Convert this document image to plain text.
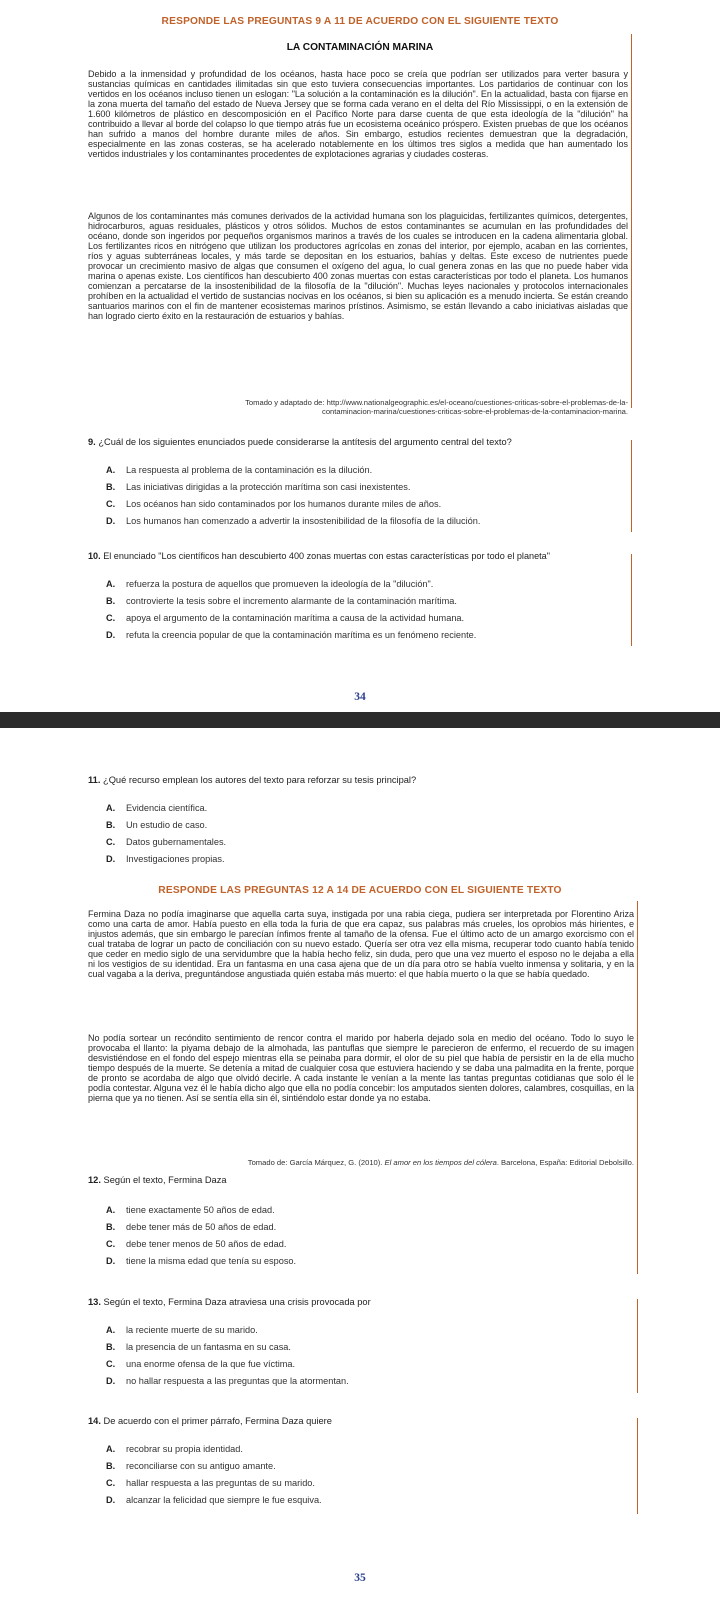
RESPONDE LAS PREGUNTAS 9 A 11 DE ACUERDO CON EL SIGUIENTE TEXTO
LA CONTAMINACIÓN MARINA
Debido a la inmensidad y profundidad de los océanos, hasta hace poco se creía que podrían ser utilizados para verter basura y sustancias químicas en cantidades ilimitadas sin que esto tuviera consecuencias importantes. Los partidarios de continuar con los vertidos en los océanos incluso tienen un eslogan: "La solución a la contaminación es la dilución". En la actualidad, basta con fijarse en la zona muerta del tamaño del estado de Nueva Jersey que se forma cada verano en el delta del Río Mississippi, o en la extensión de 1.600 kilómetros de plástico en descomposición en el Pacífico Norte para darse cuenta de que esta ideología de la "dilución" ha contribuido a llevar al borde del colapso lo que tiempo atrás fue un ecosistema oceánico próspero. Existen pruebas de que los océanos han sufrido a manos del hombre durante miles de años. Sin embargo, estudios recientes demuestran que la degradación, especialmente en las zonas costeras, se ha acelerado notablemente en los últimos tres siglos a medida que han aumentado los vertidos industriales y los contaminantes procedentes de explotaciones agrarias y ciudades costeras.
Algunos de los contaminantes más comunes derivados de la actividad humana son los plaguicidas, fertilizantes químicos, detergentes, hidrocarburos, aguas residuales, plásticos y otros sólidos. Muchos de estos contaminantes se acumulan en las profundidades del océano, donde son ingeridos por pequeños organismos marinos a través de los cuales se introducen en la cadena alimentaria global. Los fertilizantes ricos en nitrógeno que utilizan los productores agrícolas en zonas del interior, por ejemplo, acaban en las corrientes, ríos y aguas subterráneas locales, y más tarde se depositan en los estuarios, bahías y deltas. Este exceso de nutrientes puede provocar un crecimiento masivo de algas que consumen el oxígeno del agua, lo cual genera zonas en las que no puede haber vida marina o apenas existe. Los científicos han descubierto 400 zonas muertas con estas características por todo el planeta. Los humanos comienzan a percatarse de la insostenibilidad de la filosofía de la "dilución". Muchas leyes nacionales y protocolos internacionales prohíben en la actualidad el vertido de sustancias nocivas en los océanos, si bien su aplicación es a menudo incierta. Se están creando santuarios marinos con el fin de mantener ecosistemas marinos prístinos. Asimismo, se están llevando a cabo iniciativas aisladas que han logrado cierto éxito en la restauración de estuarios y bahías.
Tomado y adaptado de: http://www.nationalgeographic.es/el-oceano/cuestiones-criticas-sobre-el-problemas-de-la-
contaminacion-marina/cuestiones-criticas-sobre-el-problemas-de-la-contaminacion-marina.
9. ¿Cuál de los siguientes enunciados puede considerarse la antítesis del argumento central del texto?
A. La respuesta al problema de la contaminación es la dilución.
B. Las iniciativas dirigidas a la protección marítima son casi inexistentes.
C. Los océanos han sido contaminados por los humanos durante miles de años.
D. Los humanos han comenzado a advertir la insostenibilidad de la filosofía de la dilución.
10. El enunciado "Los científicos han descubierto 400 zonas muertas con estas características por todo el planeta"
A. refuerza la postura de aquellos que promueven la ideología de la "dilución".
B. controvierte la tesis sobre el incremento alarmante de la contaminación marítima.
C. apoya el argumento de la contaminación marítima a causa de la actividad humana.
D. refuta la creencia popular de que la contaminación marítima es un fenómeno reciente.
34
11. ¿Qué recurso emplean los autores del texto para reforzar su tesis principal?
A. Evidencia científica.
B. Un estudio de caso.
C. Datos gubernamentales.
D. Investigaciones propias.
RESPONDE LAS PREGUNTAS 12 A 14 DE ACUERDO CON EL SIGUIENTE TEXTO
Fermina Daza no podía imaginarse que aquella carta suya, instigada por una rabia ciega, pudiera ser interpretada por Florentino Ariza como una carta de amor. Había puesto en ella toda la furia de que era capaz, sus palabras más crueles, los oprobios más hirientes, e injustos además, que sin embargo le parecían ínfimos frente al tamaño de la ofensa. Fue el último acto de un amargo exorcismo con el cual trataba de lograr un pacto de conciliación con su nuevo estado. Quería ser otra vez ella misma, recuperar todo cuanto había tenido que ceder en medio siglo de una servidumbre que la había hecho feliz, sin duda, pero que una vez muerto el esposo no le dejaba a ella ni los vestigios de su identidad. Era un fantasma en una casa ajena que de un día para otro se había vuelto inmensa y solitaria, y en la cual vagaba a la deriva, preguntándose angustiada quién estaba más muerto: el que había muerto o la que se había quedado.
No podía sortear un recóndito sentimiento de rencor contra el marido por haberla dejado sola en medio del océano. Todo lo suyo le provocaba el llanto: la piyama debajo de la almohada, las pantuflas que siempre le parecieron de enfermo, el recuerdo de su imagen desvistiéndose en el fondo del espejo mientras ella se peinaba para dormir, el olor de su piel que había de persistir en la de ella mucho tiempo después de la muerte. Se detenía a mitad de cualquier cosa que estuviera haciendo y se daba una palmadita en la frente, porque de pronto se acordaba de algo que olvidó decirle. A cada instante le venían a la mente las tantas preguntas cotidianas que solo él le podía contestar. Alguna vez él le había dicho algo que ella no podía concebir: los amputados sienten dolores, calambres, cosquillas, en la pierna que ya no tienen. Así se sentía ella sin él, sintiéndolo estar donde ya no estaba.
Tomado de: García Márquez, G. (2010). El amor en los tiempos del cólera. Barcelona, España: Editorial Debolsillo.
12. Según el texto, Fermina Daza
A. tiene exactamente 50 años de edad.
B. debe tener más de 50 años de edad.
C. debe tener menos de 50 años de edad.
D. tiene la misma edad que tenía su esposo.
13. Según el texto, Fermina Daza atraviesa una crisis provocada por
A. la reciente muerte de su marido.
B. la presencia de un fantasma en su casa.
C. una enorme ofensa de la que fue víctima.
D. no hallar respuesta a las preguntas que la atormentan.
14. De acuerdo con el primer párrafo, Fermina Daza quiere
A. recobrar su propia identidad.
B. reconciliarse con su antiguo amante.
C. hallar respuesta a las preguntas de su marido.
D. alcanzar la felicidad que siempre le fue esquiva.
35
